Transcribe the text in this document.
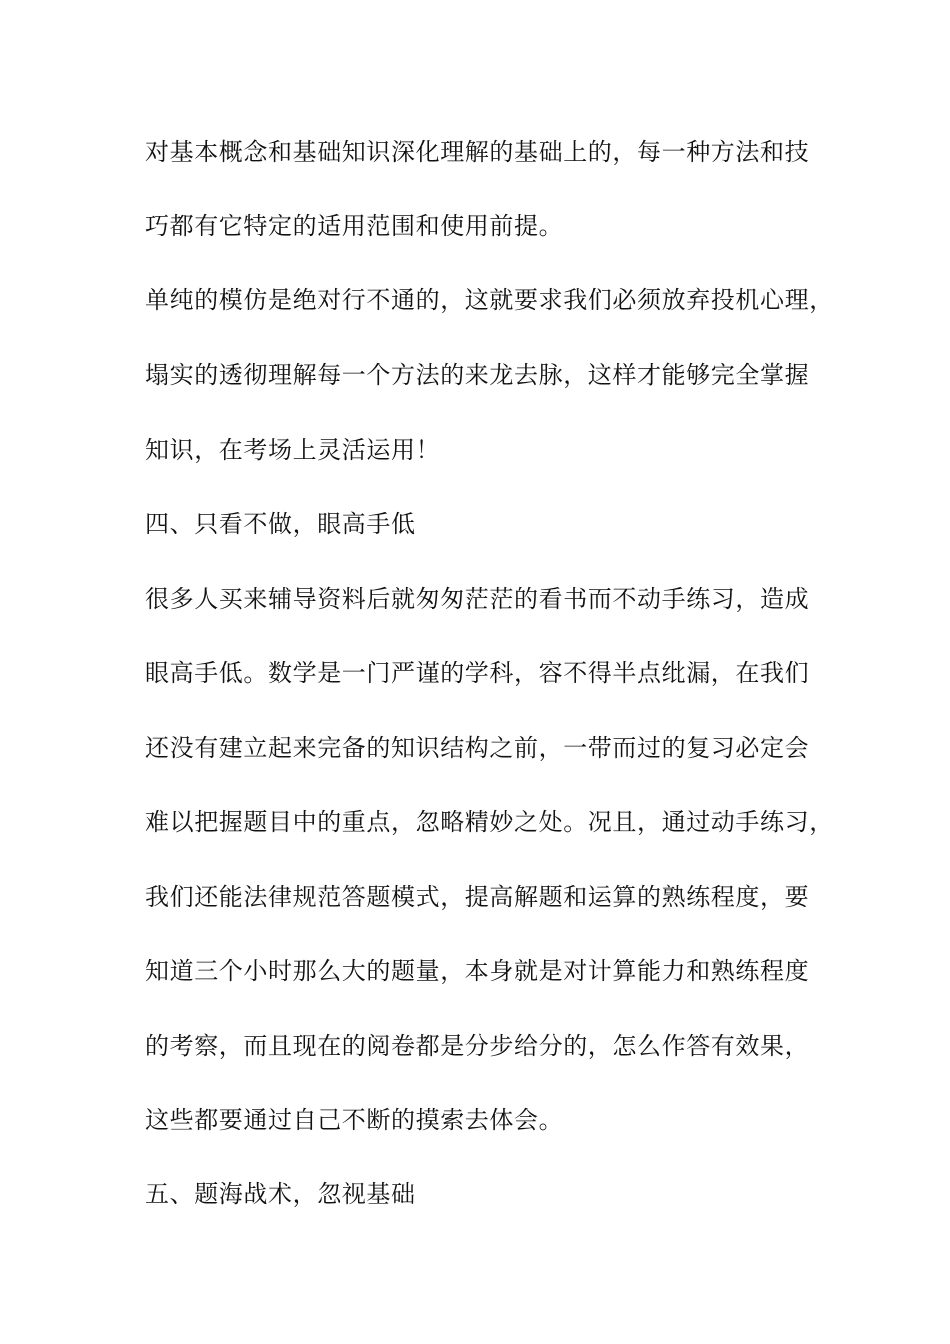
对基本概念和基础知识深化理解的基础上的，每一种方法和技
巧都有它特定的适用范围和使用前提。
单纯的模仿是绝对行不通的，这就要求我们必须放弃投机心理，
塌实的透彻理解每一个方法的来龙去脉，这样才能够完全掌握
知识，在考场上灵活运用！
四、只看不做，眼高手低
很多人买来辅导资料后就匆匆茫茫的看书而不动手练习，造成
眼高手低。数学是一门严谨的学科，容不得半点纰漏，在我们
还没有建立起来完备的知识结构之前，一带而过的复习必定会
难以把握题目中的重点，忽略精妙之处。况且，通过动手练习，
我们还能法律规范答题模式，提高解题和运算的熟练程度，要
知道三个小时那么大的题量，本身就是对计算能力和熟练程度
的考察，而且现在的阅卷都是分步给分的，怎么作答有效果，
这些都要通过自己不断的摸索去体会。
五、题海战术，忽视基础
